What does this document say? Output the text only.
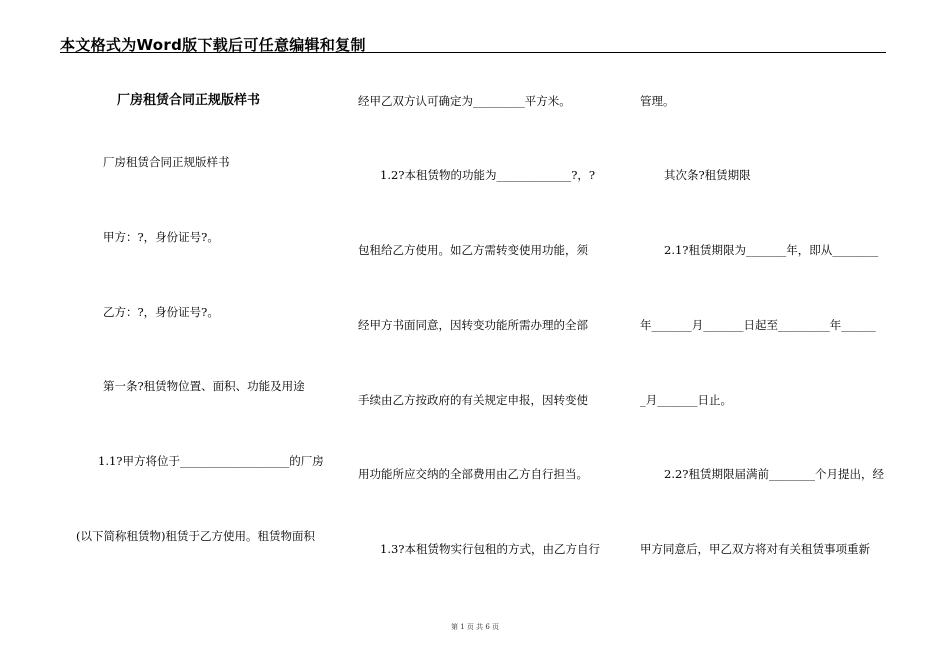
本文格式为Word版下载后可任意编辑和复制
厂房租赁合同正规版样书
厂房租赁合同正规版样书
甲方：?，身份证号?。
乙方：?，身份证号?。
第一条?租赁物位置、面积、功能及用途
1.1?甲方将位于___________________的厂房
(以下简称租赁物)租赁于乙方使用。租赁物面积
经甲乙双方认可确定为_________平方米。
1.2?本租赁物的功能为_____________?，?
包租给乙方使用。如乙方需转变使用功能，须
经甲方书面同意，因转变功能所需办理的全部
手续由乙方按政府的有关规定申报，因转变使
用功能所应交纳的全部费用由乙方自行担当。
1.3?本租赁物实行包租的方式，由乙方自行
管理。
其次条?租赁期限
2.1?租赁期限为_______年，即从________
年_______月_______日起至_________年______
_月_______日止。
2.2?租赁期限届满前________个月提出，经
甲方同意后，甲乙双方将对有关租赁事项重新
第 1 页 共 6 页
